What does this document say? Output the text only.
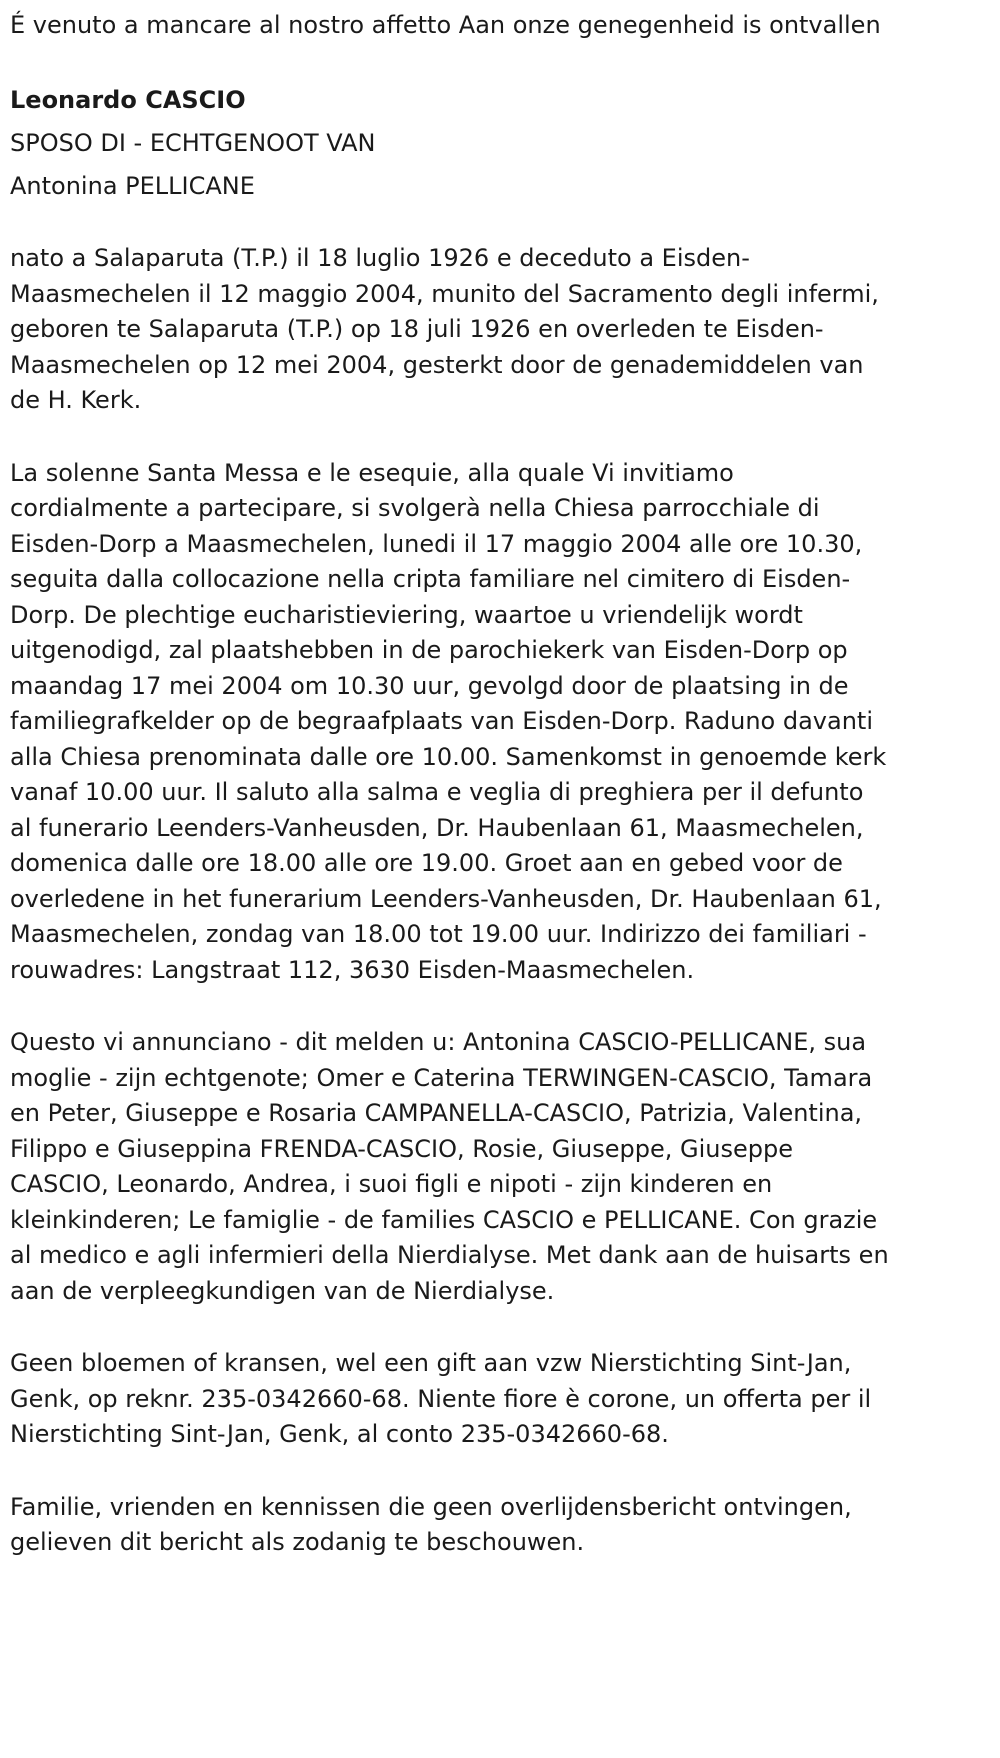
É venuto a mancare al nostro affetto Aan onze genegenheid is ontvallen

Leonardo CASCIO

SPOSO DI - ECHTGENOOT VAN

Antonina PELLICANE

nato a Salaparuta (T.P.) il 18 luglio 1926 e deceduto a Eisden-Maasmechelen il 12 maggio 2004, munito del Sacramento degli infermi, geboren te Salaparuta (T.P.) op 18 juli 1926 en overleden te Eisden-Maasmechelen op 12 mei 2004, gesterkt door de genademiddelen van de H. Kerk.

La solenne Santa Messa e le esequie, alla quale Vi invitiamo cordialmente a partecipare, si svolgerà nella Chiesa parrocchiale di Eisden-Dorp a Maasmechelen, lunedi il 17 maggio 2004 alle ore 10.30, seguita dalla collocazione nella cripta familiare nel cimitero di Eisden-Dorp. De plechtige eucharistieviering, waartoe u vriendelijk wordt uitgenodigd, zal plaatshebben in de parochiekerk van Eisden-Dorp op maandag 17 mei 2004 om 10.30 uur, gevolgd door de plaatsing in de familiegrafkelder op de begraafplaats van Eisden-Dorp. Raduno davanti alla Chiesa prenominata dalle ore 10.00. Samenkomst in genoemde kerk vanaf 10.00 uur. Il saluto alla salma e veglia di preghiera per il defunto al funerario Leenders-Vanheusden, Dr. Haubenlaan 61, Maasmechelen, domenica dalle ore 18.00 alle ore 19.00. Groet aan en gebed voor de overledene in het funerarium Leenders-Vanheusden, Dr. Haubenlaan 61, Maasmechelen, zondag van 18.00 tot 19.00 uur. Indirizzo dei familiari - rouwadres: Langstraat 112, 3630 Eisden-Maasmechelen.

Questo vi annunciano - dit melden u: Antonina CASCIO-PELLICANE, sua moglie - zijn echtgenote; Omer e Caterina TERWINGEN-CASCIO, Tamara en Peter, Giuseppe e Rosaria CAMPANELLA-CASCIO, Patrizia, Valentina, Filippo e Giuseppina FRENDA-CASCIO, Rosie, Giuseppe, Giuseppe CASCIO, Leonardo, Andrea, i suoi figli e nipoti - zijn kinderen en kleinkinderen; Le famiglie - de families CASCIO e PELLICANE. Con grazie al medico e agli infermieri della Nierdialyse. Met dank aan de huisarts en aan de verpleegkundigen van de Nierdialyse.

Geen bloemen of kransen, wel een gift aan vzw Nierstichting Sint-Jan, Genk, op reknr. 235-0342660-68. Niente fiore è corone, un offerta per il Nierstichting Sint-Jan, Genk, al conto 235-0342660-68.

Familie, vrienden en kennissen die geen overlijdensbericht ontvingen, gelieven dit bericht als zodanig te beschouwen.
